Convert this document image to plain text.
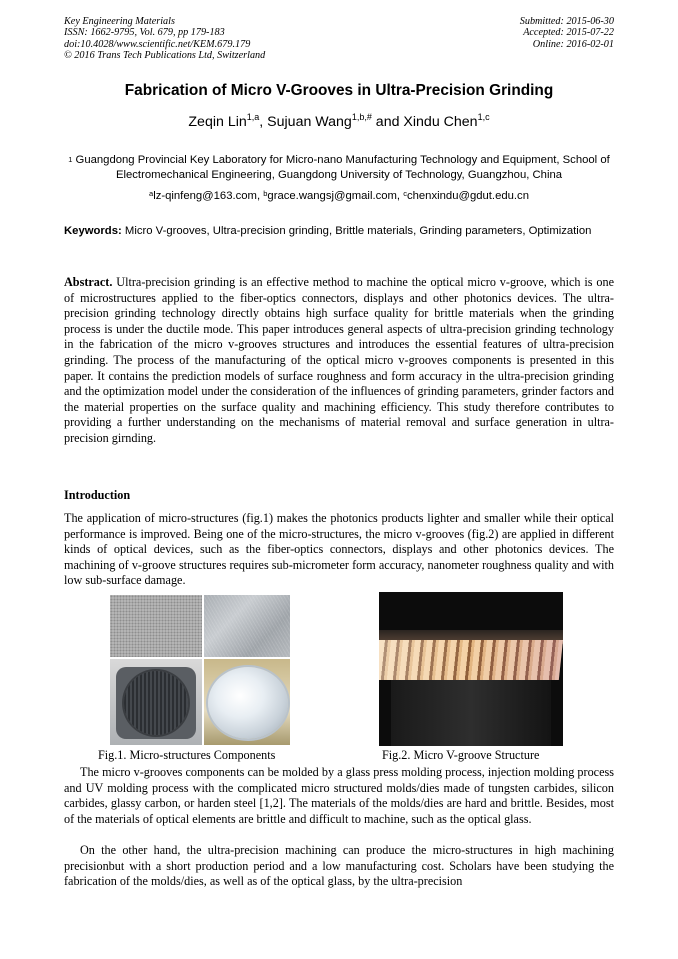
Key Engineering Materials
ISSN: 1662-9795, Vol. 679, pp 179-183
doi:10.4028/www.scientific.net/KEM.679.179
© 2016 Trans Tech Publications Ltd, Switzerland
Submitted: 2015-06-30
Accepted: 2015-07-22
Online: 2016-02-01
Fabrication of Micro V-Grooves in Ultra-Precision Grinding
Zeqin Lin$^{1,a}$, Sujuan Wang$^{1,b,\#}$ and Xindu Chen$^{1,c}$
$^1$ Guangdong Provincial Key Laboratory for Micro-nano Manufacturing Technology and Equipment, School of Electromechanical Engineering, Guangdong University of Technology, Guangzhou, China
$^a$lz-qinfeng@163.com, $^b$grace.wangsj@gmail.com, $^c$chenxindu@gdut.edu.cn
Keywords: Micro V-grooves, Ultra-precision grinding, Brittle materials, Grinding parameters, Optimization
Abstract. Ultra-precision grinding is an effective method to machine the optical micro v-groove, which is one of microstructures applied to the fiber-optics connectors, displays and other photonics devices. The ultra-precision grinding technology directly obtains high surface quality for brittle materials when the grinding process is under the ductile mode. This paper introduces general aspects of ultra-precision grinding technology in the fabrication of the micro v-grooves structures and introduces the essential features of ultra-precision grinding. The process of the manufacturing of the optical micro v-grooves components is presented in this paper. It contains the prediction models of surface roughness and form accuracy in the ultra-precision grinding and the optimization model under the consideration of the influences of grinding parameters, grinder factors and the material properties on the surface quality and machining efficiency. This study therefore contributes to providing a further understanding on the mechanisms of material removal and surface generation in ultra-precision girnding.
Introduction
The application of micro-structures (fig.1) makes the photonics products lighter and smaller while their optical performance is improved. Being one of the micro-structures, the micro v-grooves (fig.2) are applied in different kinds of optical devices, such as the fiber-optics connectors, displays and other photonics devices. The machining of v-groove structures requires sub-micrometer form accuracy, nanometer roughness quality and with low sub-surface damage.
Fig.1. Micro-structures Components	Fig.2. Micro V-groove Structure
The micro v-grooves components can be molded by a glass press molding process, injection molding process and UV molding process with the complicated micro structured molds/dies made of tungsten carbides, silicon carbides, glassy carbon, or harden steel [1,2]. The materials of the molds/dies are hard and brittle. Besides, most of the materials of optical elements are brittle and difficult to machine, such as the optical glass.
On the other hand, the ultra-precision machining can produce the micro-structures in high machining precisionbut with a short production period and a low manufacturing cost. Scholars have been studying the fabrication of the molds/dies, as well as of the optical glass, by the ultra-precision
